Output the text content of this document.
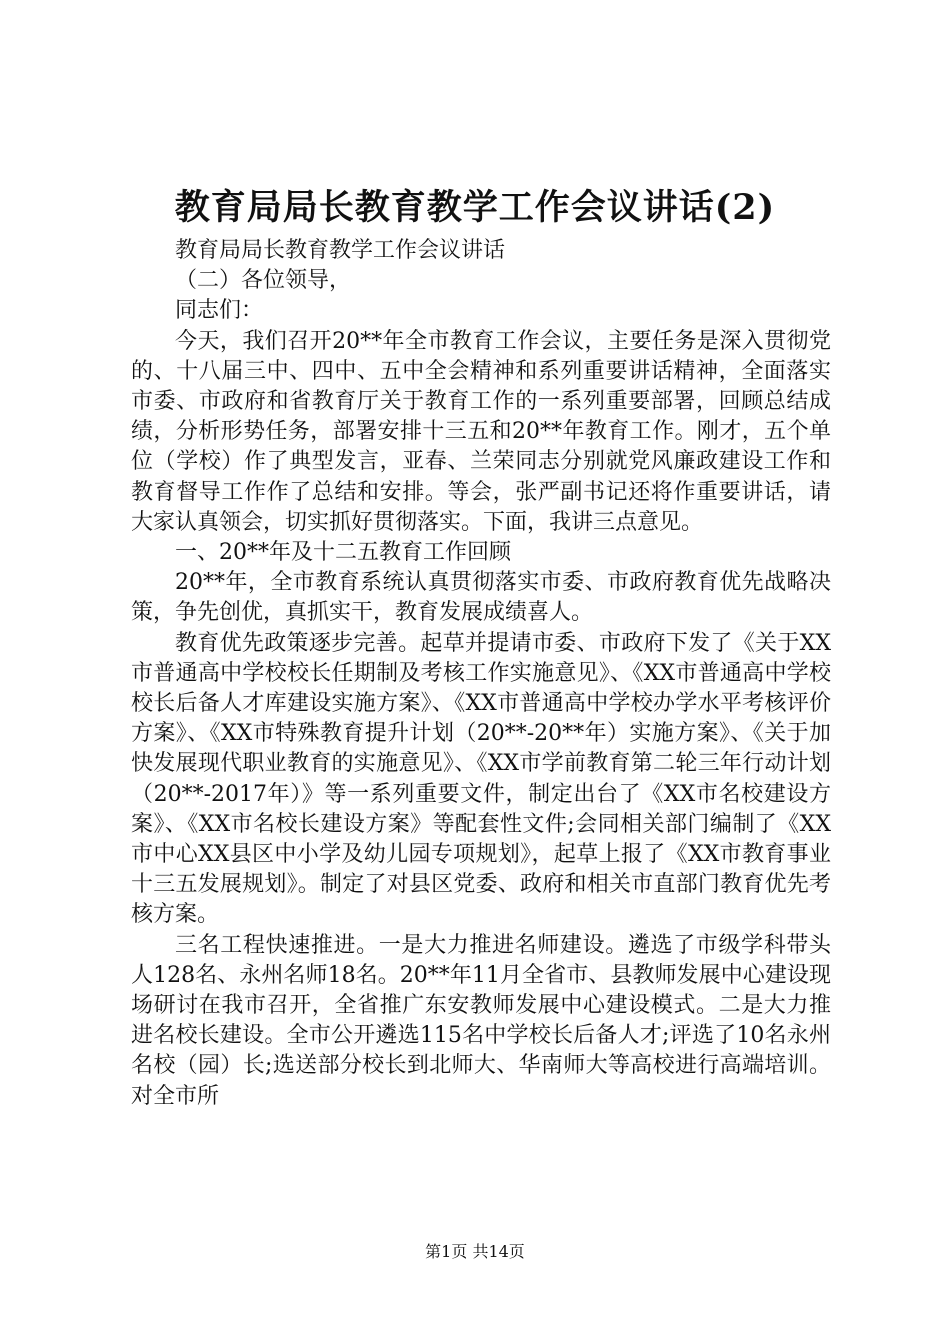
教育局局长教育教学工作会议讲话(2)

教育局局长教育教学工作会议讲话

（二）各位领导，

同志们：

今天，我们召开20**年全市教育工作会议，主要任务是深入贯彻党的、十八届三中、四中、五中全会精神和系列重要讲话精神，全面落实市委、市政府和省教育厅关于教育工作的一系列重要部署，回顾总结成绩，分析形势任务，部署安排十三五和20**年教育工作。刚才，五个单位（学校）作了典型发言，亚春、兰荣同志分别就党风廉政建设工作和教育督导工作作了总结和安排。等会，张严副书记还将作重要讲话，请大家认真领会，切实抓好贯彻落实。下面，我讲三点意见。

一、20**年及十二五教育工作回顾

20**年，全市教育系统认真贯彻落实市委、市政府教育优先战略决策，争先创优，真抓实干，教育发展成绩喜人。

教育优先政策逐步完善。起草并提请市委、市政府下发了《关于XX市普通高中学校校长任期制及考核工作实施意见》、《XX市普通高中学校校长后备人才库建设实施方案》、《XX市普通高中学校办学水平考核评价方案》、《XX市特殊教育提升计划（20**-20**年）实施方案》、《关于加快发展现代职业教育的实施意见》、《XX市学前教育第二轮三年行动计划（20**-2017年）》等一系列重要文件，制定出台了《XX市名校建设方案》、《XX市名校长建设方案》等配套性文件;会同相关部门编制了《XX市中心XX县区中小学及幼儿园专项规划》，起草上报了《XX市教育事业十三五发展规划》。制定了对县区党委、政府和相关市直部门教育优先考核方案。

三名工程快速推进。一是大力推进名师建设。遴选了市级学科带头人128名、永州名师18名。20**年11月全省市、县教师发展中心建设现场研讨在我市召开，全省推广东安教师发展中心建设模式。二是大力推进名校长建设。全市公开遴选115名中学校长后备人才;评选了10名永州名校（园）长;选送部分校长到北师大、华南师大等高校进行高端培训。对全市所

第1页 共14页
